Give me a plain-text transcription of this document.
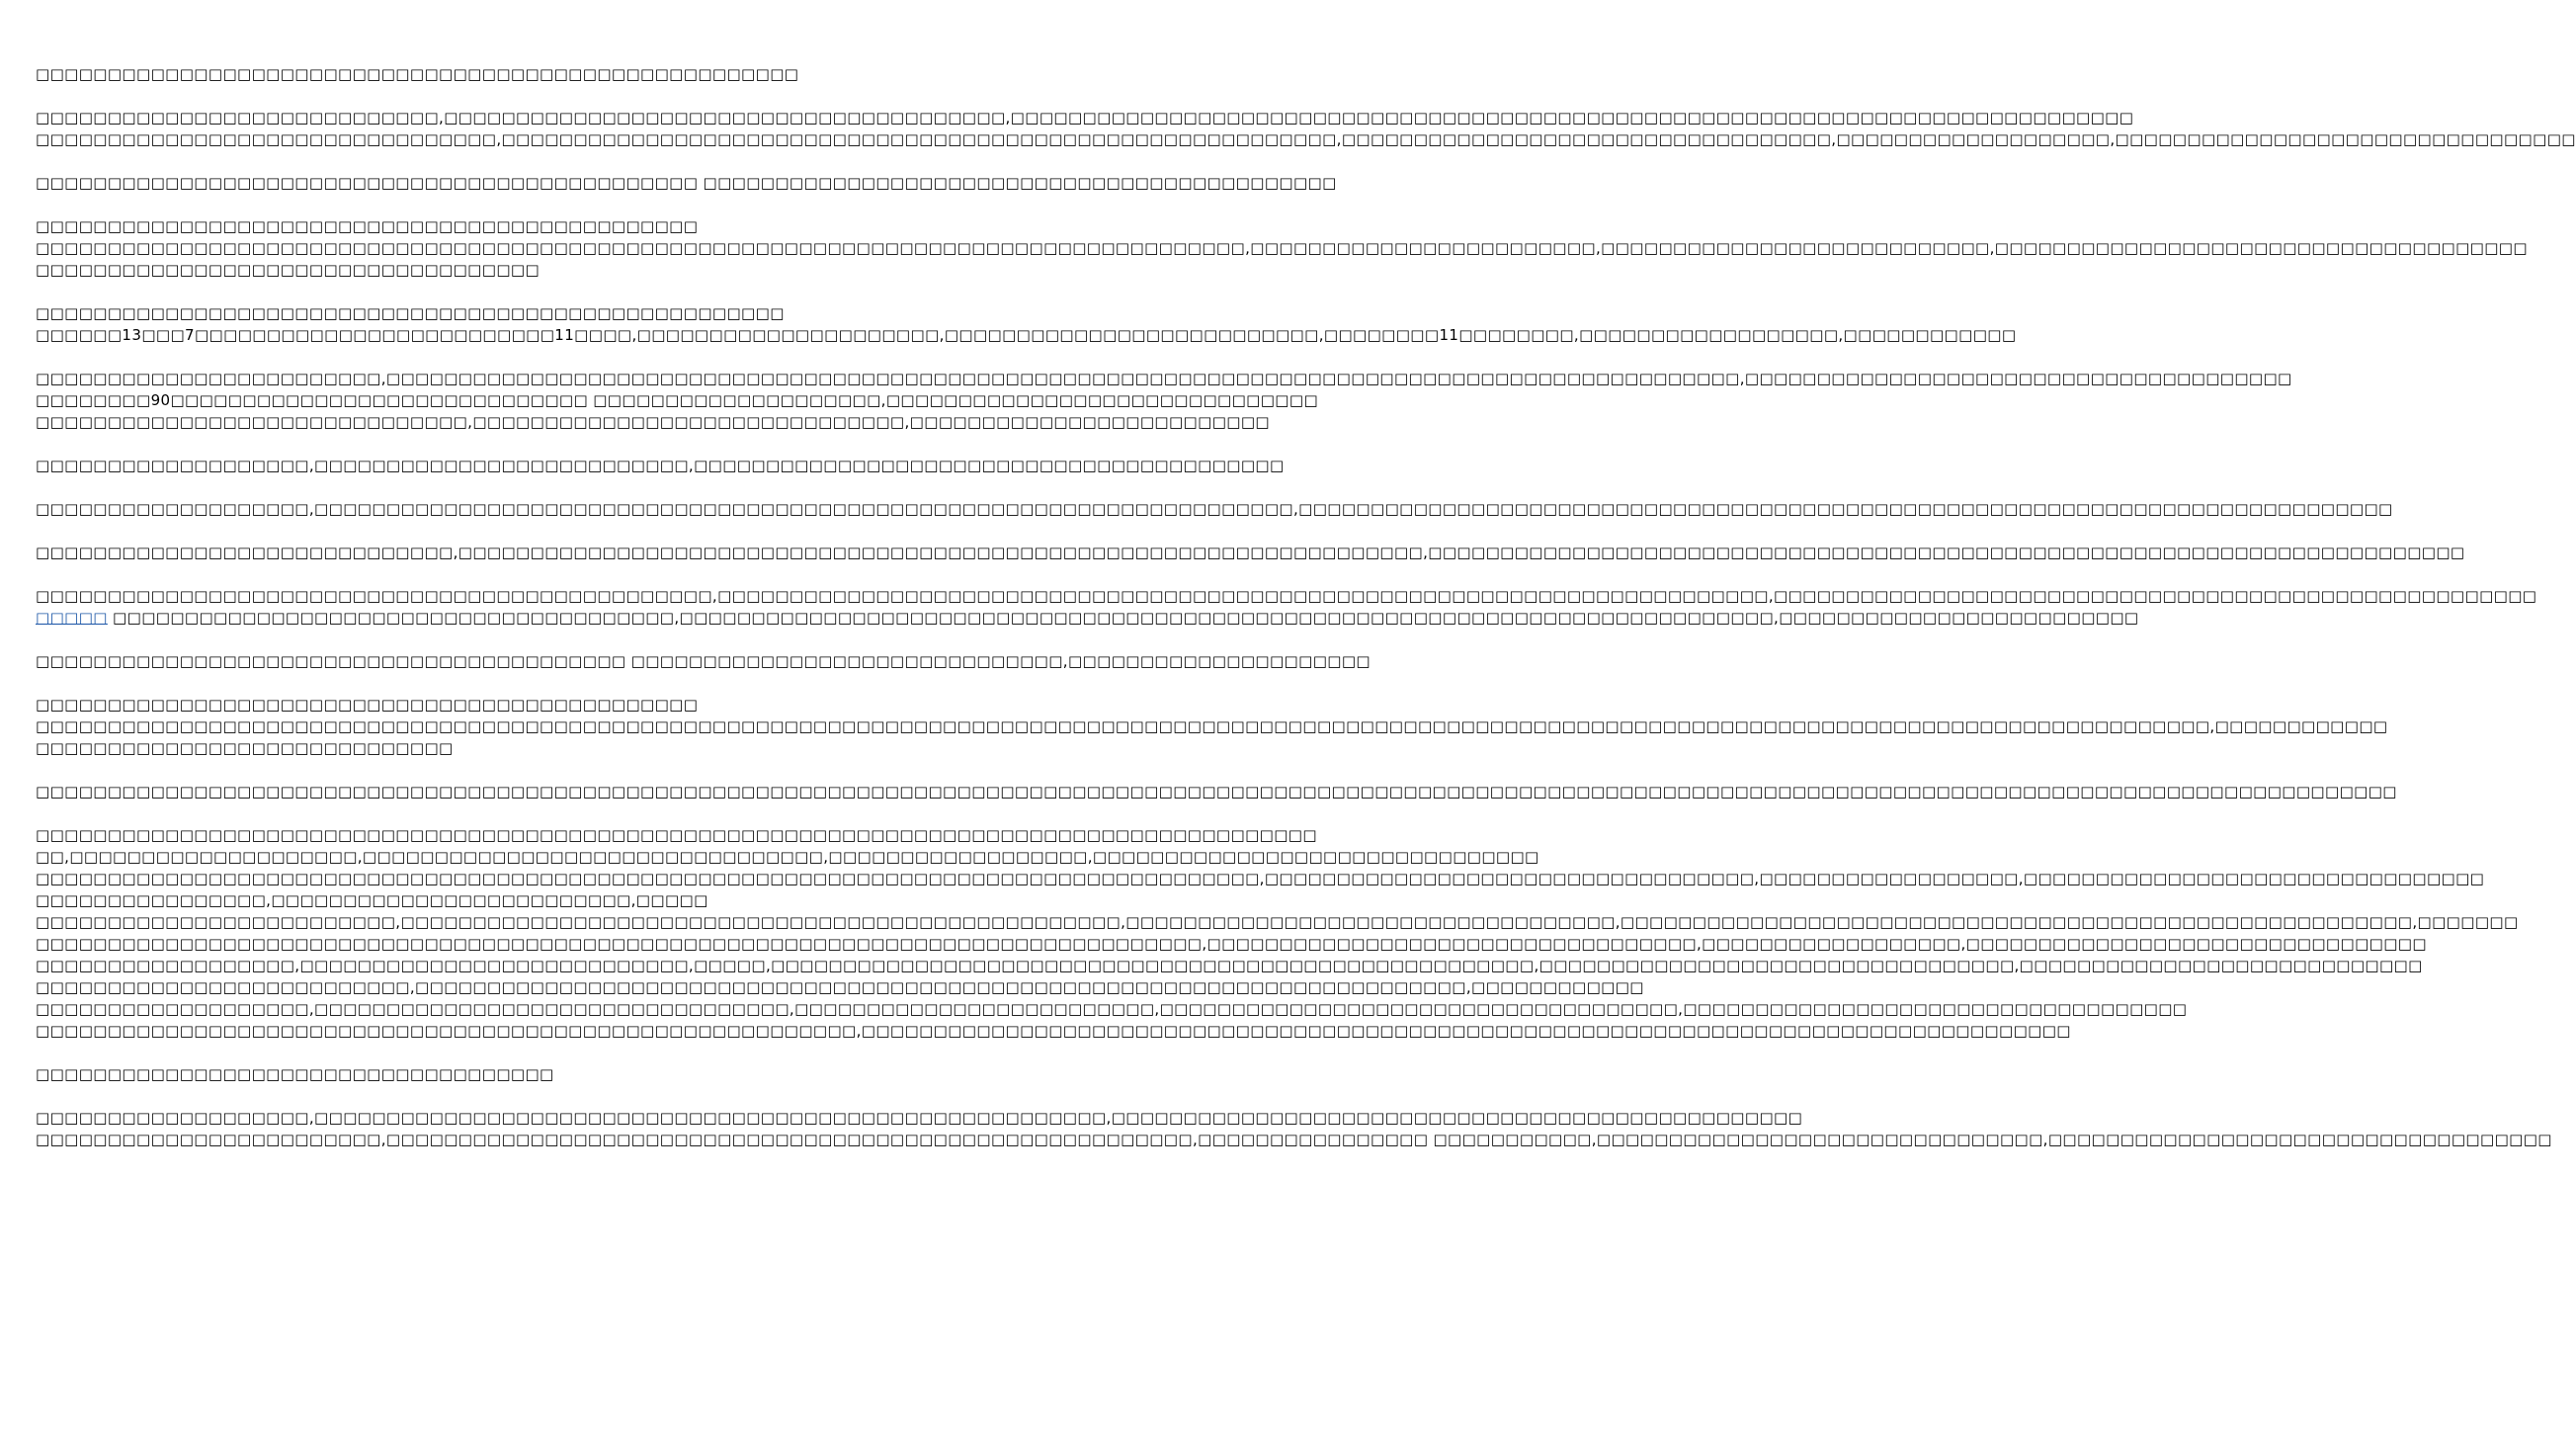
□□□□□□□□□□□□□□□□□□□□□□□□□□□□□□□□□□□□□□□□□□□□□□□□□□□□□
□□□□□□□□□□□□□□□□□□□□□□□□□□□□,□□□□□□□□□□□□□□□□□□□□□□□□□□□□□□□□□□□□□□□,□□□□□□□□□□□□□□□□□□□□□□□□□□□□□□□□□□□□□□□□□□□□□□□□□□□□□□□□□□□□□□□□□□□□□□□□□□□□□□
□□□□□□□□□□□□□□□□□□□□□□□□□□□□□□□□,□□□□□□□□□□□□□□□□□□□□□□□□□□□□□□□□□□□□□□□□□□□□□□□□□□□□□□□□□□,□□□□□□□□□□□□□□□□□□□□□□□□□□□□□□□□□□,□□□□□□□□□□□□□□□□□□□,□□□□□□□□□□□□□□□□□□□□□□□□□□□□□□□□
□□□□□□□□□□□□□□□□□□□□□□□□□□□□□□□□□□□□□□□□□□□□□□ □□□□□□□□□□□□□□□□□□□□□□□□□□□□□□□□□□□□□□□□□□□□
□□□□□□□□□□□□□□□□□□□□□□□□□□□□□□□□□□□□□□□□□□□□□□
□□□□□□□□□□□□□□□□□□□□□□□□□□□□□□□□□□□□□□□□□□□□□□□□□□□□□□□□□□□□□□□□□□□□□□□□□□□□□□□□□□□□,□□□□□□□□□□□□□□□□□□□□□□□□,□□□□□□□□□□□□□□□□□□□□□□□□□□□,□□□□□□□□□□□□□□□□□□□□□□□□□□□□□□□□□□□□□
□□□□□□□□□□□□□□□□□□□□□□□□□□□□□□□□□□□
□□□□□□□□□□□□□□□□□□□□□□□□□□□□□□□□□□□□□□□□□□□□□□□□□□□□
□□□□□□13□□□7□□□□□□□□□□□□□□□□□□□□□□□□□11□□□□,□□□□□□□□□□□□□□□□□□□□□,□□□□□□□□□□□□□□□□□□□□□□□□□□,□□□□□□□□11□□□□□□□□,□□□□□□□□□□□□□□□□□□,□□□□□□□□□□□□
□□□□□□□□□□□□□□□□□□□□□□□□,□□□□□□□□□□□□□□□□□□□□□□□□□□□□□□□□□□□□□□□□□□□□□□□□□□□□□□□□□□□□□□□□□□□□□□□□□□□□□□□□□□□□□□□□□□□□□□,□□□□□□□□□□□□□□□□□□□□□□□□□□□□□□□□□□□□□□
□□□□□□□□90□□□□□□□□□□□□□□□□□□□□□□□□□□□□□ □□□□□□□□□□□□□□□□□□□□,□□□□□□□□□□□□□□□□□□□□□□□□□□□□□□
□□□□□□□□□□□□□□□□□□□□□□□□□□□□□□,□□□□□□□□□□□□□□□□□□□□□□□□□□□□□□,□□□□□□□□□□□□□□□□□□□□□□□□□
□□□□□□□□□□□□□□□□□□□,□□□□□□□□□□□□□□□□□□□□□□□□□□,□□□□□□□□□□□□□□□□□□□□□□□□□□□□□□□□□□□□□□□□□
□□□□□□□□□□□□□□□□□□□,□□□□□□□□□□□□□□□□□□□□□□□□□□□□□□□□□□□□□□□□□□□□□□□□□□□□□□□□□□□□□□□□□□□□,□□□□□□□□□□□□□□□□□□□□□□□□□□□□□□□□□□□□□□□□□□□□□□□□□□□□□□□□□□□□□□□□□□□□□□□□□□□□
□□□□□□□□□□□□□□□□□□□□□□□□□□□□□,□□□□□□□□□□□□□□□□□□□□□□□□□□□□□□□□□□□□□□□□□□□□□□□□□□□□□□□□□□□□□□□□□□□,□□□□□□□□□□□□□□□□□□□□□□□□□□□□□□□□□□□□□□□□□□□□□□□□□□□□□□□□□□□□□□□□□□□□□□□□
□□□□□□□□□□□□□□□□□□□□□□□□□□□□□□□□□□□□□□□□□□□□□□□,□□□□□□□□□□□□□□□□□□□□□□□□□□□□□□□□□□□□□□□□□□□□□□□□□□□□□□□□□□□□□□□□□□□□□□□□□,□□□□□□□□□□□□□□□□□□□□□□□□□□□□□□□□□□□□□□□□□□□□□□□□□□□□□
□□□□□ □□□□□□□□□□□□□□□□□□□□□□□□□□□□□□□□□□□□□□□,□□□□□□□□□□□□□□□□□□□□□□□□□□□□□□□□□□□□□□□□□□□□□□□□□□□□□□□□□□□□□□□□□□□□□□□□□□□□,□□□□□□□□□□□□□□□□□□□□□□□□□
□□□□□□□□□□□□□□□□□□□□□□□□□□□□□□□□□□□□□□□□□ □□□□□□□□□□□□□□□□□□□□□□□□□□□□□□,□□□□□□□□□□□□□□□□□□□□□
□□□□□□□□□□□□□□□□□□□□□□□□□□□□□□□□□□□□□□□□□□□□□□
□□□□□□□□□□□□□□□□□□□□□□□□□□□□□□□□□□□□□□□□□□□□□□□□□□□□□□□□□□□□□□□□□□□□□□□□□□□□□□□□□□□□□□□□□□□□□□□□□□□□□□□□□□□□□□□□□□□□□□□□□□□□□□□□□□□□□□□□□□□□□□□□□□□□□□□,□□□□□□□□□□□□
□□□□□□□□□□□□□□□□□□□□□□□□□□□□□
□□□□□□□□□□□□□□□□□□□□□□□□□□□□□□□□□□□□□□□□□□□□□□□□□□□□□□□□□□□□□□□□□□□□□□□□□□□□□□□□□□□□□□□□□□□□□□□□□□□□□□□□□□□□□□□□□□□□□□□□□□□□□□□□□□□□□□□□□□□□□□□□□□□□□□□□□□□□□□□□□□□□
□□□□□□□□□□□□□□□□□□□□□□□□□□□□□□□□□□□□□□□□□□□□□□□□□□□□□□□□□□□□□□□□□□□□□□□□□□□□□□□□□□□□□□□□□
□□,□□□□□□□□□□□□□□□□□□□□,□□□□□□□□□□□□□□□□□□□□□□□□□□□□□□□□,□□□□□□□□□□□□□□□□□□,□□□□□□□□□□□□□□□□□□□□□□□□□□□□□□□
□□□□□□□□□□□□□□□□□□□□□□□□□□□□□□□□□□□□□□□□□□□□□□□□□□□□□□□□□□□□□□□□□□□□□□□□□□□□□□□□□□□□□,□□□□□□□□□□□□□□□□□□□□□□□□□□□□□□□□□□,□□□□□□□□□□□□□□□□□□,□□□□□□□□□□□□□□□□□□□□□□□□□□□□□□□□
□□□□□□□□□□□□□□□□,□□□□□□□□□□□□□□□□□□□□□□□□□,□□□□□
□□□□□□□□□□□□□□□□□□□□□□□□□,□□□□□□□□□□□□□□□□□□□□□□□□□□□□□□□□□□□□□□□□□□□□□□□□□□,□□□□□□□□□□□□□□□□□□□□□□□□□□□□□□□□□□,□□□□□□□□□□□□□□□□□□□□□□□□□□□□□□□□□□□□□□□□□□□□□□□□□□□□□□□,□□□□□□□
□□□□□□□□□□□□□□□□□□□□□□□□□□□□□□□□□□□□□□□□□□□□□□□□□□□□□□□□□□□□□□□□□□□□□□□□□□□□□□□□□,□□□□□□□□□□□□□□□□□□□□□□□□□□□□□□□□□□,□□□□□□□□□□□□□□□□□□,□□□□□□□□□□□□□□□□□□□□□□□□□□□□□□□□
□□□□□□□□□□□□□□□□□□,□□□□□□□□□□□□□□□□□□□□□□□□□□□,□□□□□,□□□□□□□□□□□□□□□□□□□□□□□□□□□□□□□□□□□□□□□□□□□□□□□□□□□□□,□□□□□□□□□□□□□□□□□□□□□□□□□□□□□□□□□,□□□□□□□□□□□□□□□□□□□□□□□□□□□□
□□□□□□□□□□□□□□□□□□□□□□□□□□,□□□□□□□□□□□□□□□□□□□□□□□□□□□□□□□□□□□□□□□□□□□□□□□□□□□□□□□□□□□□□□□□□□□□□□□□□,□□□□□□□□□□□□
□□□□□□□□□□□□□□□□□□□,□□□□□□□□□□□□□□□□□□□□□□□□□□□□□□□□□,□□□□□□□□□□□□□□□□□□□□□□□□□,□□□□□□□□□□□□□□□□□□□□□□□□□□□□□□□□□□□□,□□□□□□□□□□□□□□□□□□□□□□□□□□□□□□□□□□□
□□□□□□□□□□□□□□□□□□□□□□□□□□□□□□□□□□□□□□□□□□□□□□□□□□□□□□□□□,□□□□□□□□□□□□□□□□□□□□□□□□□□□□□□□□□□□□□□□□□□□□□□□□□□□□□□□□□□□□□□□□□□□□□□□□□□□□□□□□□□□□
□□□□□□□□□□□□□□□□□□□□□□□□□□□□□□□□□□□□
□□□□□□□□□□□□□□□□□□□,□□□□□□□□□□□□□□□□□□□□□□□□□□□□□□□□□□□□□□□□□□□□□□□□□□□□□□□,□□□□□□□□□□□□□□□□□□□□□□□□□□□□□□□□□□□□□□□□□□□□□□□□
□□□□□□□□□□□□□□□□□□□□□□□□,□□□□□□□□□□□□□□□□□□□□□□□□□□□□□□□□□□□□□□□□□□□□□□□□□□□□□□□□,□□□□□□□□□□□□□□□□ □□□□□□□□□□□,□□□□□□□□□□□□□□□□□□□□□□□□□□□□□□□,□□□□□□□□□□□□□□□□□□□□□□□□□□□□□□□□□□□
